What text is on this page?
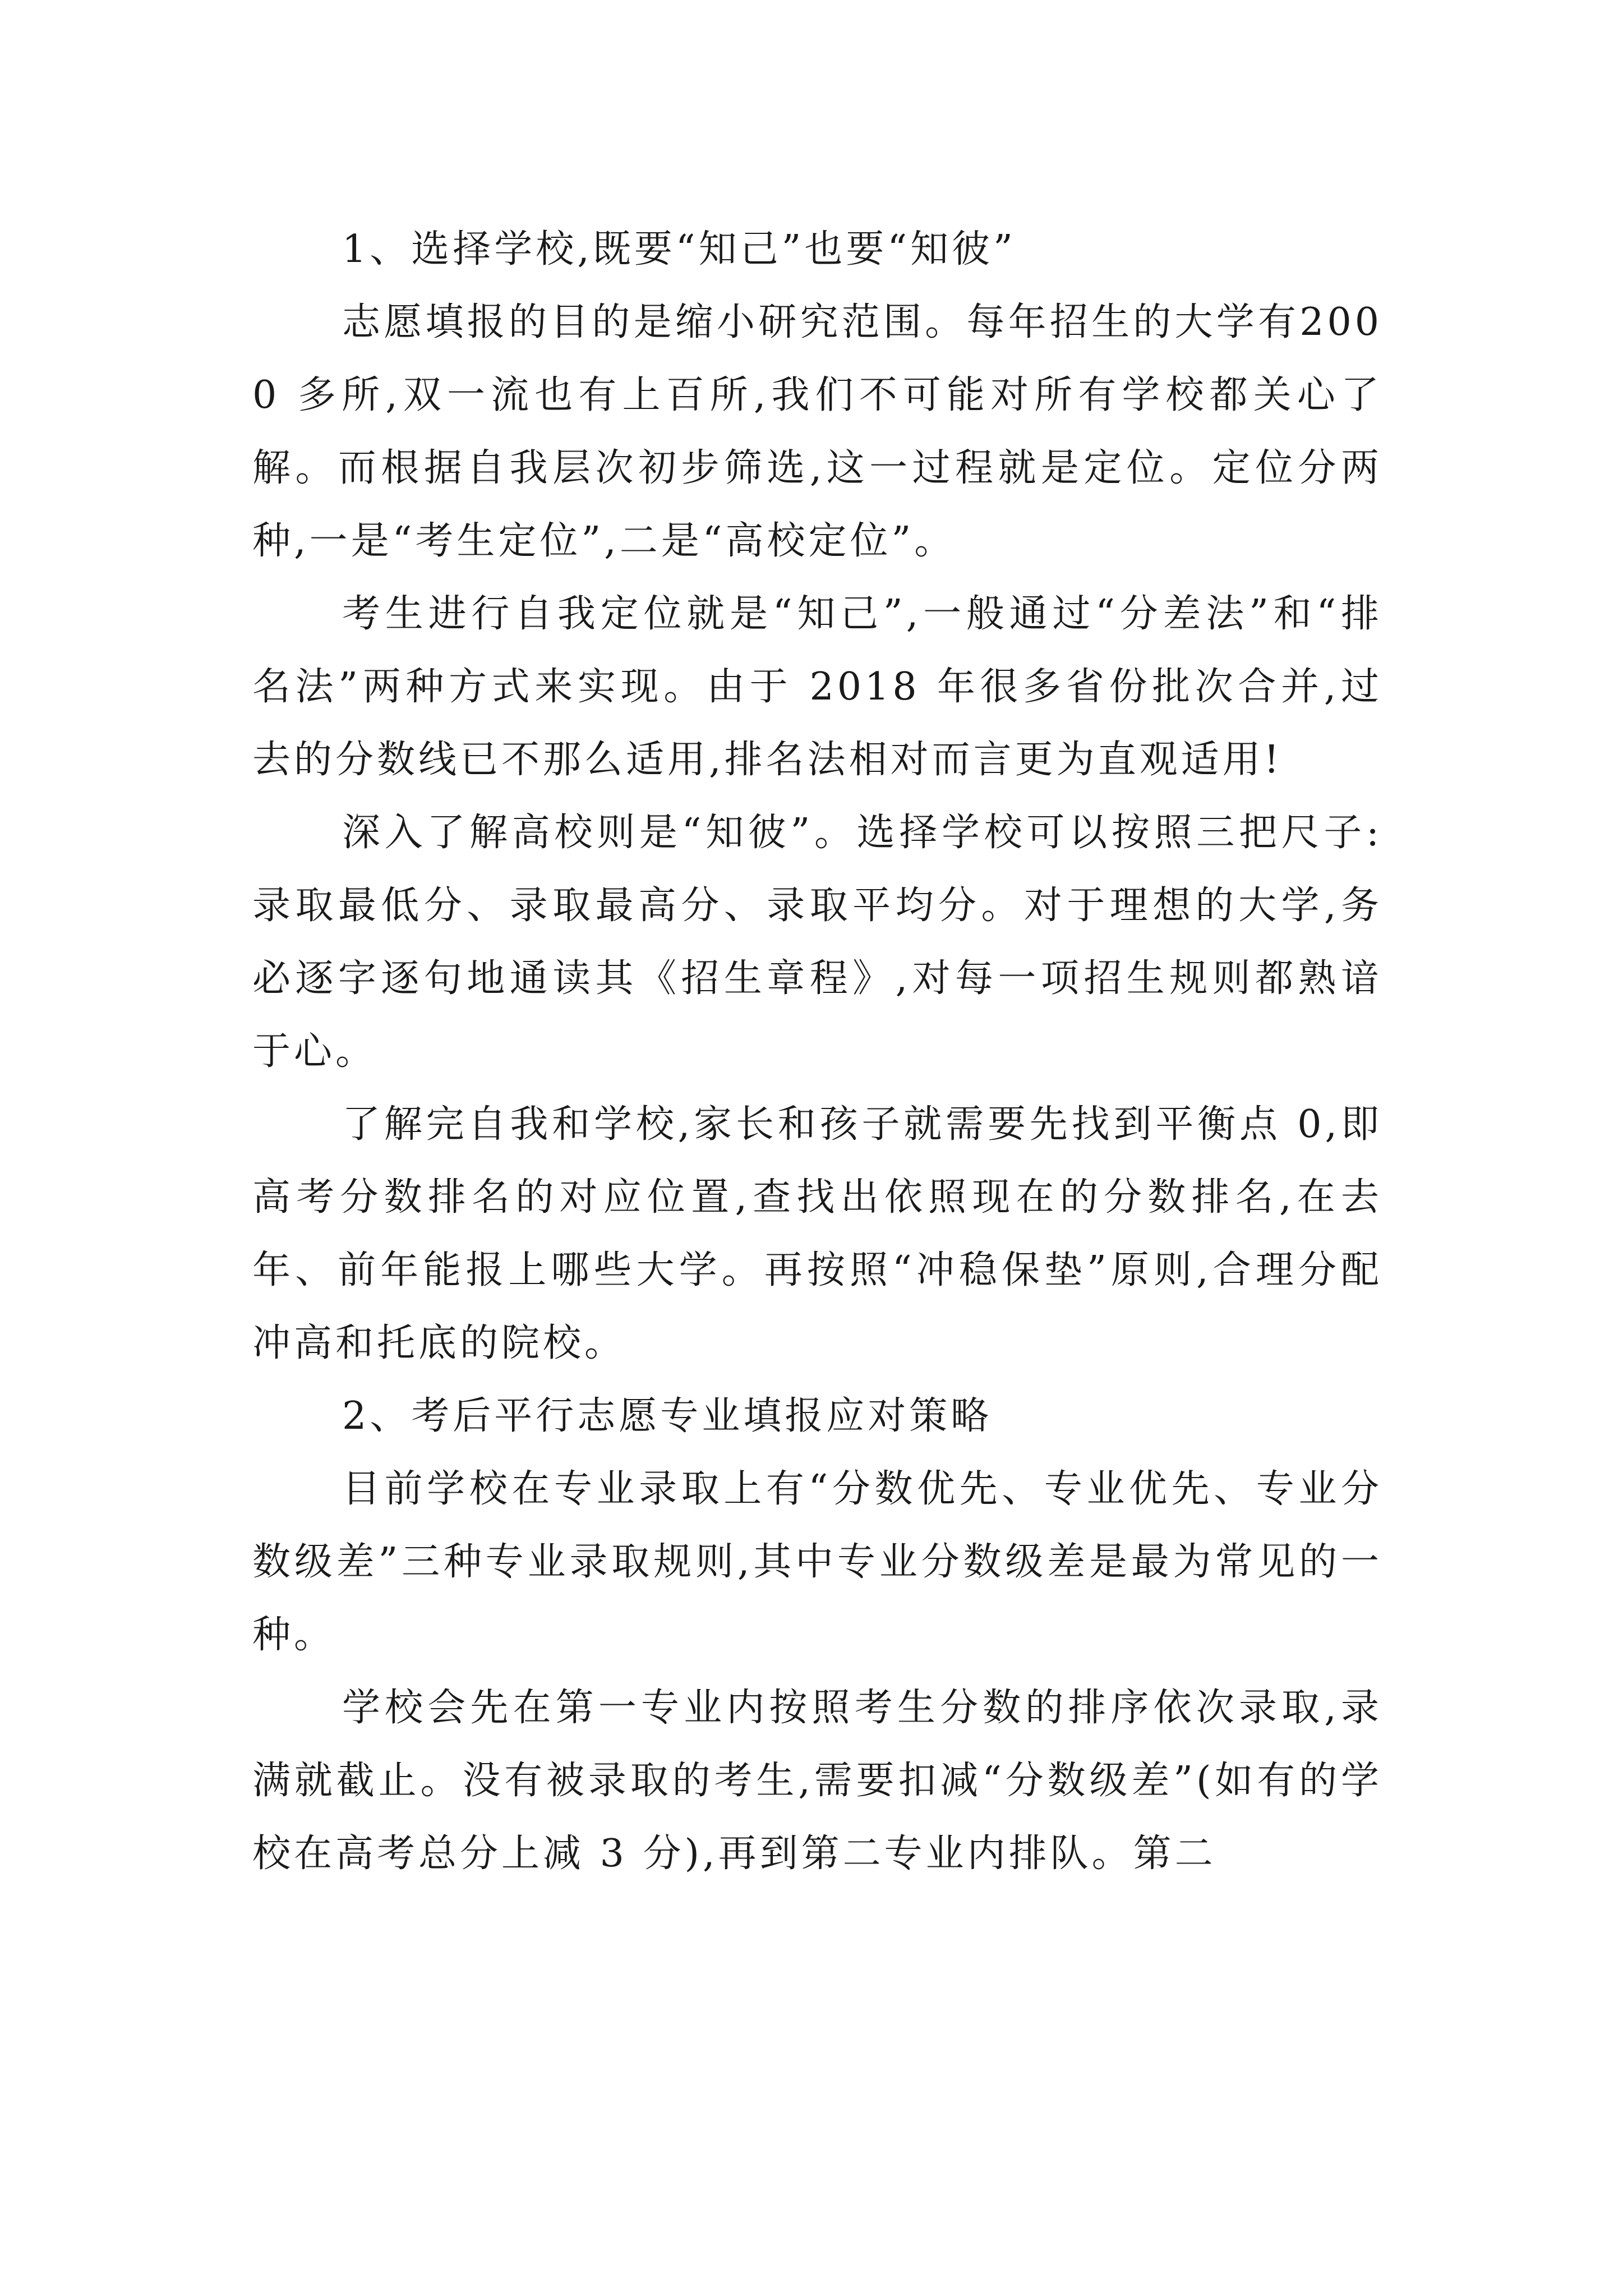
1、选择学校,既要“知己”也要“知彼”

志愿填报的目的是缩小研究范围。每年招生的大学有2000 多所,双一流也有上百所,我们不可能对所有学校都关心了解。而根据自我层次初步筛选,这一过程就是定位。定位分两种,一是“考生定位”,二是“高校定位”。

考生进行自我定位就是“知己”,一般通过“分差法”和“排名法”两种方式来实现。由于 2018 年很多省份批次合并,过去的分数线已不那么适用,排名法相对而言更为直观适用!

深入了解高校则是“知彼”。选择学校可以按照三把尺子:录取最低分、录取最高分、录取平均分。对于理想的大学,务必逐字逐句地通读其《招生章程》,对每一项招生规则都熟谙于心。

了解完自我和学校,家长和孩子就需要先找到平衡点 0,即高考分数排名的对应位置,查找出依照现在的分数排名,在去年、前年能报上哪些大学。再按照“冲稳保垫”原则,合理分配冲高和托底的院校。

2、考后平行志愿专业填报应对策略

目前学校在专业录取上有“分数优先、专业优先、专业分数级差”三种专业录取规则,其中专业分数级差是最为常见的一种。

学校会先在第一专业内按照考生分数的排序依次录取,录满就截止。没有被录取的考生,需要扣减“分数级差”(如有的学校在高考总分上减 3 分),再到第二专业内排队。第二
